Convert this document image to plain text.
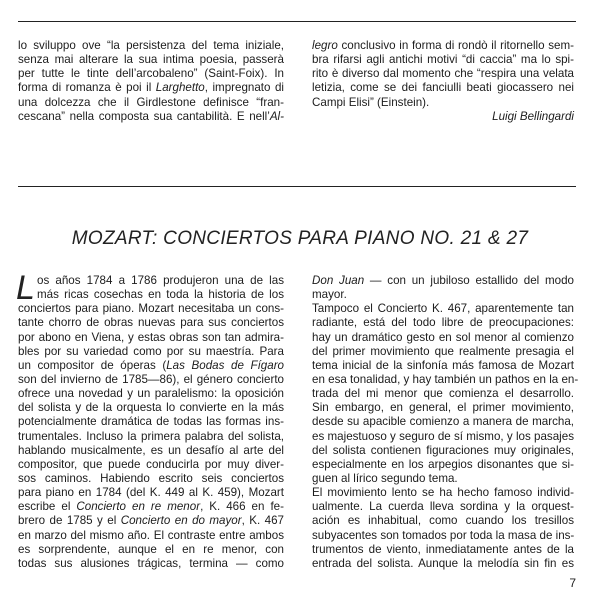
lo sviluppo ove “la persistenza del tema iniziale,
senza mai alterare la sua intima poesia, passerà
per tutte le tinte dell’arcobaleno” (Saint-Foix). In
forma di romanza è poi il Larghetto, impregnato di
una dolcezza che il Girdlestone definisce “fran-
cescana” nella composta sua cantabilità. E nell’Al-
legro conclusivo in forma di rondò il ritornello sem-
bra rifarsi agli antichi motivi “di caccia” ma lo spi-
rito è diverso dal momento che “respira una velata
letizia, come se dei fanciulli beati giocassero nei
Campi Elisi” (Einstein).
Luigi Bellingardi
MOZART: CONCIERTOS PARA PIANO NO. 21 & 27
L os años 1784 a 1786 produjeron una de las
más ricas cosechas en toda la historia de los
conciertos para piano. Mozart necesitaba un cons-
tante chorro de obras nuevas para sus conciertos
por abono en Viena, y estas obras son tan admira-
bles por su variedad como por su maestría. Para
un compositor de óperas (Las Bodas de Fígaro
son del invierno de 1785—86), el género concierto
ofrece una novedad y un paralelismo: la oposición
del solista y de la orquesta lo convierte en la más
potencialmente dramática de todas las formas ins-
trumentales. Incluso la primera palabra del solista,
hablando musicalmente, es un desafío al arte del
compositor, que puede conducirla por muy diver-
sos caminos. Habiendo escrito seis conciertos
para piano en 1784 (del K. 449 al K. 459), Mozart
escribe el Concierto en re menor, K. 466 en fe-
brero de 1785 y el Concierto en do mayor, K. 467
en marzo del mismo año. El contraste entre ambos
es sorprendente, aunque el en re menor, con
todas sus alusiones trágicas, termina — como
Don Juan — con un jubiloso estallido del modo
mayor.
Tampoco el Concierto K. 467, aparentemente tan
radiante, está del todo libre de preocupaciones:
hay un dramático gesto en sol menor al comienzo
del primer movimiento que realmente presagia el
tema inicial de la sinfonía más famosa de Mozart
en esa tonalidad, y hay también un pathos en la en-
trada del mi menor que comienza el desarrollo.
Sin embargo, en general, el primer movimiento,
desde su apacible comienzo a manera de marcha,
es majestuoso y seguro de sí mismo, y los pasajes
del solista contienen figuraciones muy originales,
especialmente en los arpegios disonantes que si-
guen al lírico segundo tema.
El movimiento lento se ha hecho famoso individ-
ualmente. La cuerda lleva sordina y la orquest-
ación es inhabitual, como cuando los tresillos
subyacentes son tomados por toda la masa de ins-
trumentos de viento, inmediatamente antes de la
entrada del solista. Aunque la melodía sin fin es
7
